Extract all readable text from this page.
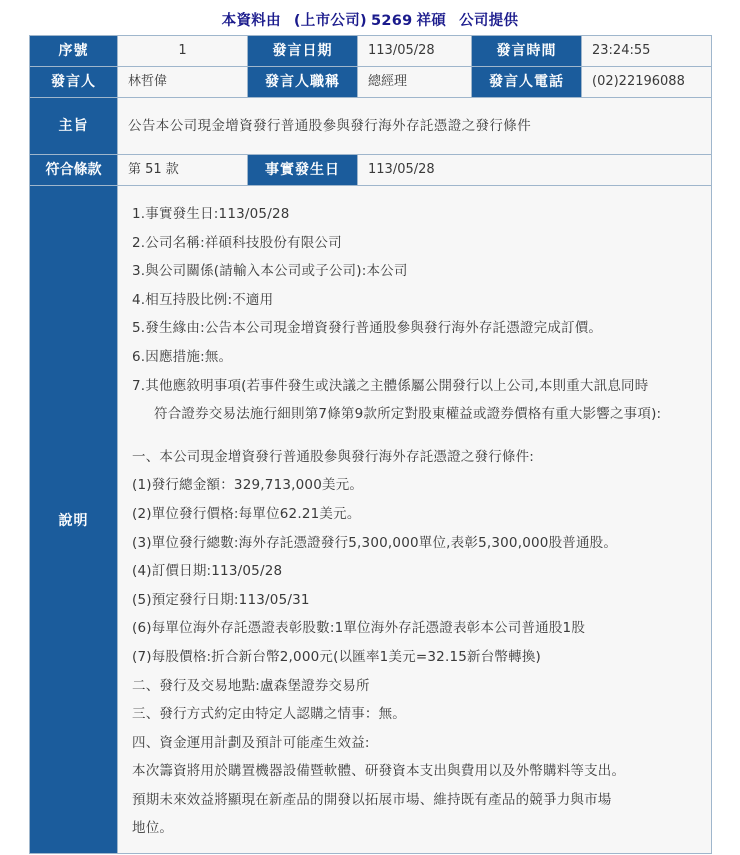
本資料由 (上市公司) 5269 祥碩 公司提供
序號	1	發言日期	113/05/28	發言時間	23:24:55
發言人	林哲偉	發言人職稱	總經理	發言人電話	(02)22196088
主旨	公告本公司現金增資發行普通股參與發行海外存託憑證之發行條件				
符合條款	第 51 款	事實發生日	113/05/28		
說明	
1.事實發生日:113/05/28
2.公司名稱:祥碩科技股份有限公司
3.與公司關係(請輸入本公司或子公司):本公司
4.相互持股比例:不適用
5.發生緣由:公告本公司現金增資發行普通股參與發行海外存託憑證完成訂價。
6.因應措施:無。
7.其他應敘明事項(若事件發生或決議之主體係屬公開發行以上公司,本則重大訊息同時
符合證券交易法施行細則第7條第9款所定對股東權益或證券價格有重大影響之事項):
一、本公司現金增資發行普通股參與發行海外存託憑證之發行條件:
(1)發行總金額：329,713,000美元。
(2)單位發行價格:每單位62.21美元。
(3)單位發行總數:海外存託憑證發行5,300,000單位,表彰5,300,000股普通股。
(4)訂價日期:113/05/28
(5)預定發行日期:113/05/31
(6)每單位海外存託憑證表彰股數:1單位海外存託憑證表彰本公司普通股1股
(7)每股價格:折合新台幣2,000元(以匯率1美元=32.15新台幣轉換)
二、發行及交易地點:盧森堡證券交易所
三、發行方式約定由特定人認購之情事：無。
四、資金運用計劃及預計可能產生效益:
本次籌資將用於購置機器設備暨軟體、研發資本支出與費用以及外幣購料等支出。
預期未來效益將顯現在新產品的開發以拓展市場、維持既有產品的競爭力與市場
地位。
